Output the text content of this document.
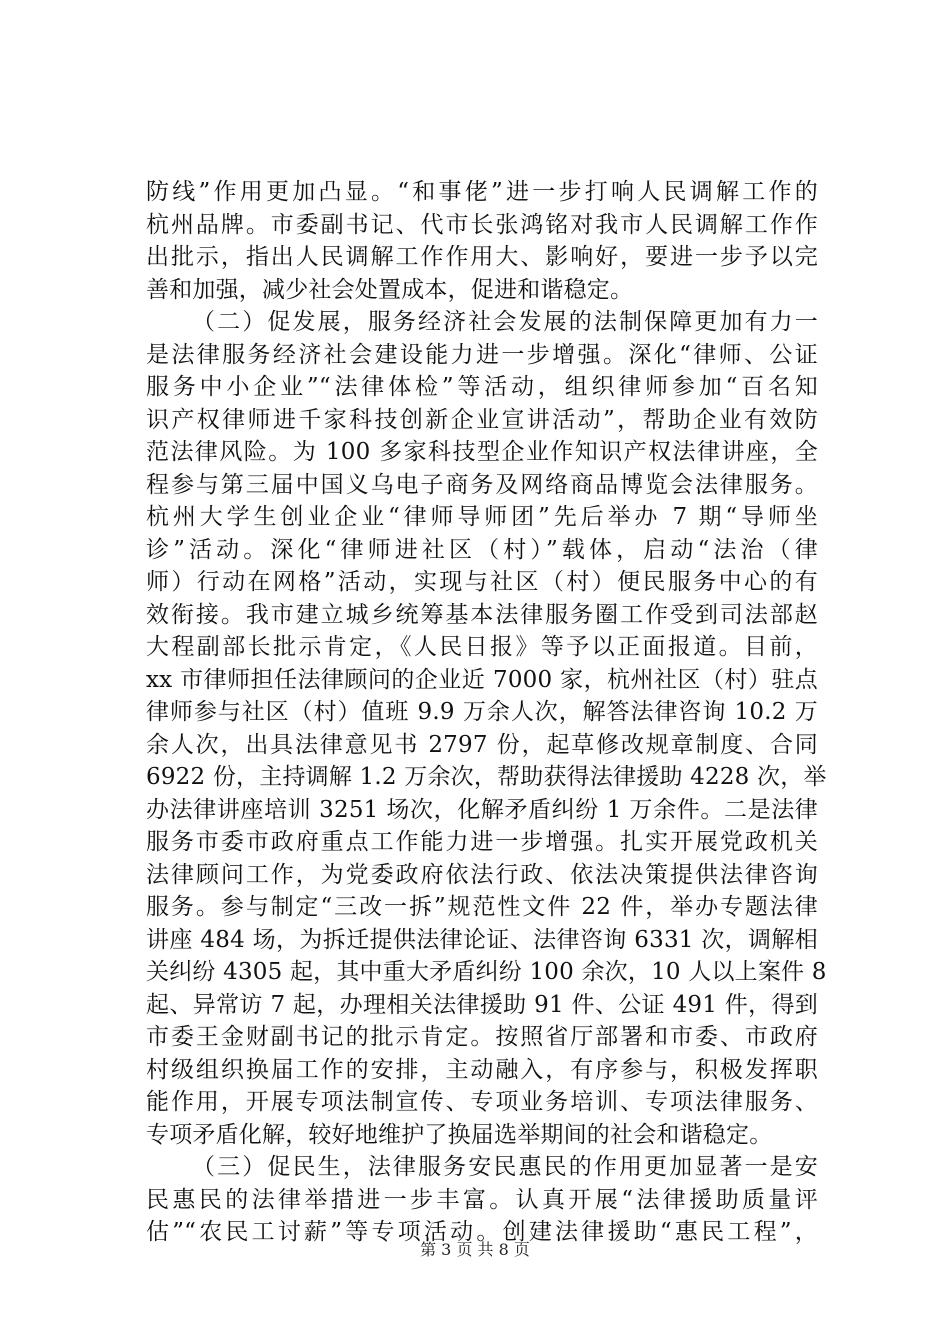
防线”作用更加凸显。“和事佬”进一步打响人民调解工作的
杭州品牌。市委副书记、代市长张鸿铭对我市人民调解工作作
出批示，指出人民调解工作作用大、影响好，要进一步予以完
善和加强，减少社会处置成本，促进和谐稳定。
（二）促发展，服务经济社会发展的法制保障更加有力一
是法律服务经济社会建设能力进一步增强。深化“律师、公证
服务中小企业”“法律体检”等活动，组织律师参加“百名知
识产权律师进千家科技创新企业宣讲活动”，帮助企业有效防
范法律风险。为 100 多家科技型企业作知识产权法律讲座，全
程参与第三届中国义乌电子商务及网络商品博览会法律服务。
杭州大学生创业企业“律师导师团”先后举办 7 期“导师坐
诊”活动。深化“律师进社区（村）”载体，启动“法治（律
师）行动在网格”活动，实现与社区（村）便民服务中心的有
效衔接。我市建立城乡统筹基本法律服务圈工作受到司法部赵
大程副部长批示肯定，《人民日报》等予以正面报道。目前，
xx 市律师担任法律顾问的企业近 7000 家，杭州社区（村）驻点
律师参与社区（村）值班 9.9 万余人次，解答法律咨询 10.2 万
余人次，出具法律意见书 2797 份，起草修改规章制度、合同
6922 份，主持调解 1.2 万余次，帮助获得法律援助 4228 次，举
办法律讲座培训 3251 场次，化解矛盾纠纷 1 万余件。二是法律
服务市委市政府重点工作能力进一步增强。扎实开展党政机关
法律顾问工作，为党委政府依法行政、依法决策提供法律咨询
服务。参与制定“三改一拆”规范性文件 22 件，举办专题法律
讲座 484 场，为拆迁提供法律论证、法律咨询 6331 次，调解相
关纠纷 4305 起，其中重大矛盾纠纷 100 余次，10 人以上案件 8
起、异常访 7 起，办理相关法律援助 91 件、公证 491 件，得到
市委王金财副书记的批示肯定。按照省厅部署和市委、市政府
村级组织换届工作的安排，主动融入，有序参与，积极发挥职
能作用，开展专项法制宣传、专项业务培训、专项法律服务、
专项矛盾化解，较好地维护了换届选举期间的社会和谐稳定。
（三）促民生，法律服务安民惠民的作用更加显著一是安
民惠民的法律举措进一步丰富。认真开展“法律援助质量评
估”“农民工讨薪”等专项活动。创建法律援助“惠民工程”，
第 3 页 共 8 页
